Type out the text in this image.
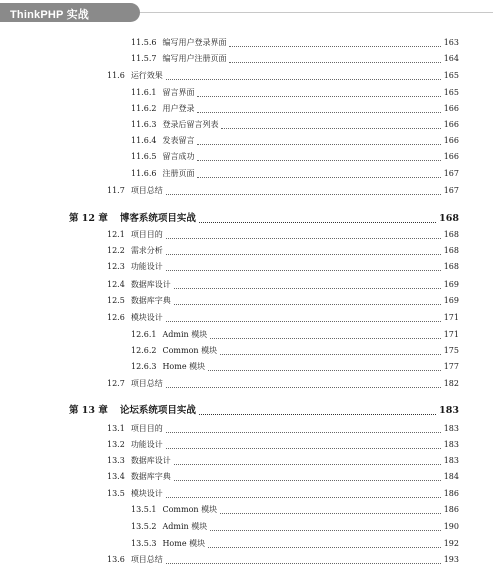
ThinkPHP 实战
11.5.6 编写用户登录界面	163
11.5.7 编写用户注册页面	164
11.6 运行效果	165
11.6.1 留言界面	165
11.6.2 用户登录	166
11.6.3 登录后留言列表	166
11.6.4 发表留言	166
11.6.5 留言成功	166
11.6.6 注册页面	167
11.7 项目总结	167
第 12 章 博客系统项目实战	168
12.1 项目目的	168
12.2 需求分析	168
12.3 功能设计	168
12.4 数据库设计	169
12.5 数据库字典	169
12.6 模块设计	171
12.6.1 Admin 模块	171
12.6.2 Common 模块	175
12.6.3 Home 模块	177
12.7 项目总结	182
第 13 章 论坛系统项目实战	183
13.1 项目目的	183
13.2 功能设计	183
13.3 数据库设计	183
13.4 数据库字典	184
13.5 模块设计	186
13.5.1 Common 模块	186
13.5.2 Admin 模块	190
13.5.3 Home 模块	192
13.6 项目总结	193
